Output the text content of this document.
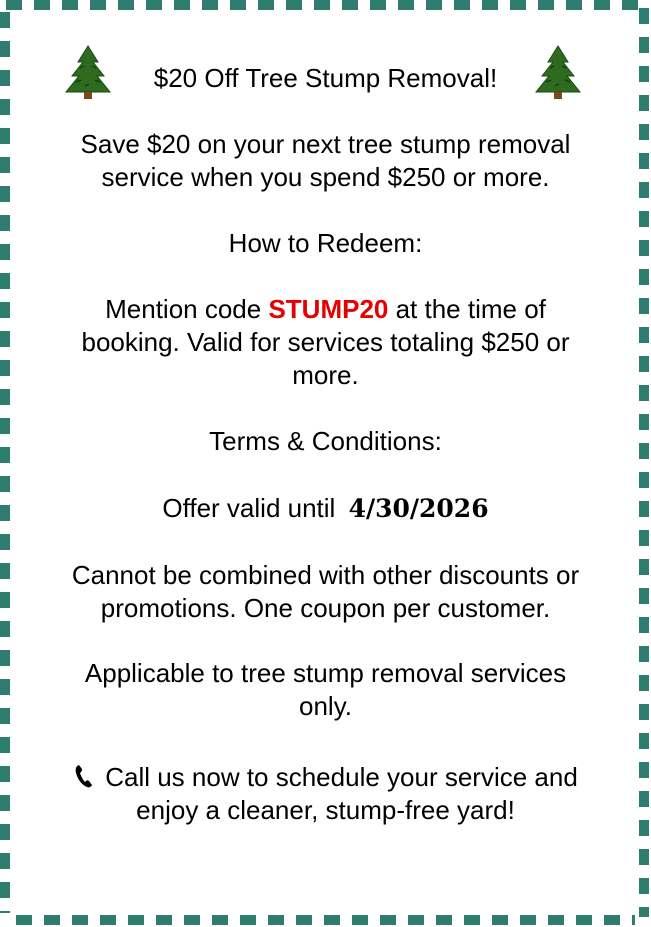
$20 Off Tree Stump Removal!
Save $20 on your next tree stump removal
service when you spend $250 or more.
How to Redeem:
Mention code STUMP20 at the time of
booking. Valid for services totaling $250 or
more.
Terms & Conditions:
Offer valid until 4/30/2026
Cannot be combined with other discounts or
promotions. One coupon per customer.
Applicable to tree stump removal services
only.
Call us now to schedule your service and
enjoy a cleaner, stump-free yard!
